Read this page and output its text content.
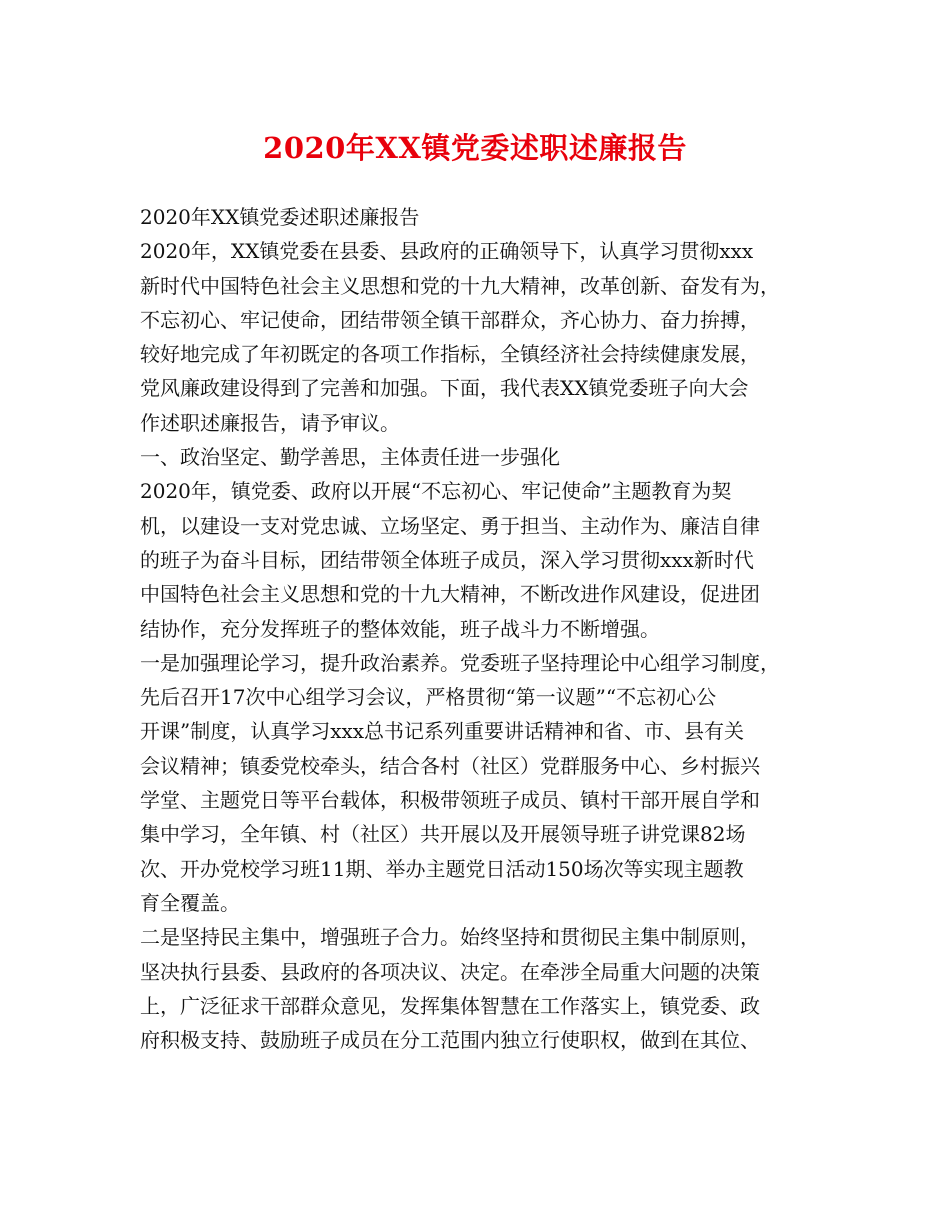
2020年XX镇党委述职述廉报告
2020年XX镇党委述职述廉报告
2020年，XX镇党委在县委、县政府的正确领导下，认真学习贯彻xxx
新时代中国特色社会主义思想和党的十九大精神，改革创新、奋发有为，
不忘初心、牢记使命，团结带领全镇干部群众，齐心协力、奋力拚搏，
较好地完成了年初既定的各项工作指标，全镇经济社会持续健康发展，
党风廉政建设得到了完善和加强。下面，我代表XX镇党委班子向大会
作述职述廉报告，请予审议。
一、政治坚定、勤学善思，主体责任进一步强化
2020年，镇党委、政府以开展“不忘初心、牢记使命”主题教育为契
机，以建设一支对党忠诚、立场坚定、勇于担当、主动作为、廉洁自律
的班子为奋斗目标，团结带领全体班子成员，深入学习贯彻xxx新时代
中国特色社会主义思想和党的十九大精神，不断改进作风建设，促进团
结协作，充分发挥班子的整体效能，班子战斗力不断增强。
一是加强理论学习，提升政治素养。党委班子坚持理论中心组学习制度，
先后召开17次中心组学习会议，严格贯彻“第一议题”“不忘初心公
开课”制度，认真学习xxx总书记系列重要讲话精神和省、市、县有关
会议精神；镇委党校牵头，结合各村（社区）党群服务中心、乡村振兴
学堂、主题党日等平台载体，积极带领班子成员、镇村干部开展自学和
集中学习，全年镇、村（社区）共开展以及开展领导班子讲党课82场
次、开办党校学习班11期、举办主题党日活动150场次等实现主题教
育全覆盖。
二是坚持民主集中，增强班子合力。始终坚持和贯彻民主集中制原则，
坚决执行县委、县政府的各项决议、决定。在牵涉全局重大问题的决策
上，广泛征求干部群众意见，发挥集体智慧在工作落实上，镇党委、政
府积极支持、鼓励班子成员在分工范围内独立行使职权，做到在其位、
